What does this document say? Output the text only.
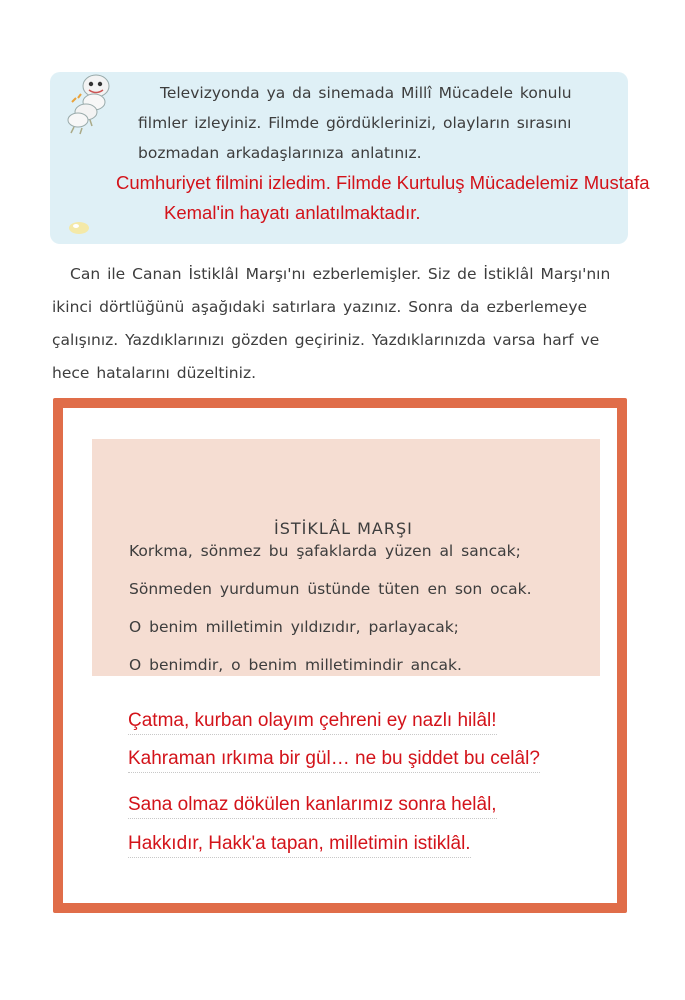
Televizyonda ya da sinemada Millî Mücadele konulu filmler izleyiniz. Filmde gördüklerinizi, olayların sırasını bozmadan arkadaşlarınıza anlatınız.

Cumhuriyet filmini izledim. Filmde Kurtuluş Mücadelemiz Mustafa Kemal'in hayatı anlatılmaktadır.

Can ile Canan İstiklâl Marşı'nı ezberlemişler. Siz de İstiklâl Marşı'nın ikinci dörtlüğünü aşağıdaki satırlara yazınız. Sonra da ezberlemeye çalışınız. Yazdıklarınızı gözden geçiriniz. Yazdıklarınızda varsa harf ve hece hatalarını düzeltiniz.

İSTİKLÂL MARŞI
Korkma, sönmez bu şafaklarda yüzen al sancak;
Sönmeden yurdumun üstünde tüten en son ocak.
O benim milletimin yıldızıdır, parlayacak;
O benimdir, o benim milletimindir ancak.
Çatma, kurban olayım çehreni ey nazlı hilâl!
Kahraman ırkıma bir gül… ne bu şiddet bu celâl?
Sana olmaz dökülen kanlarımız sonra helâl,
Hakkıdır, Hakk'a tapan, milletimin istiklâl.
